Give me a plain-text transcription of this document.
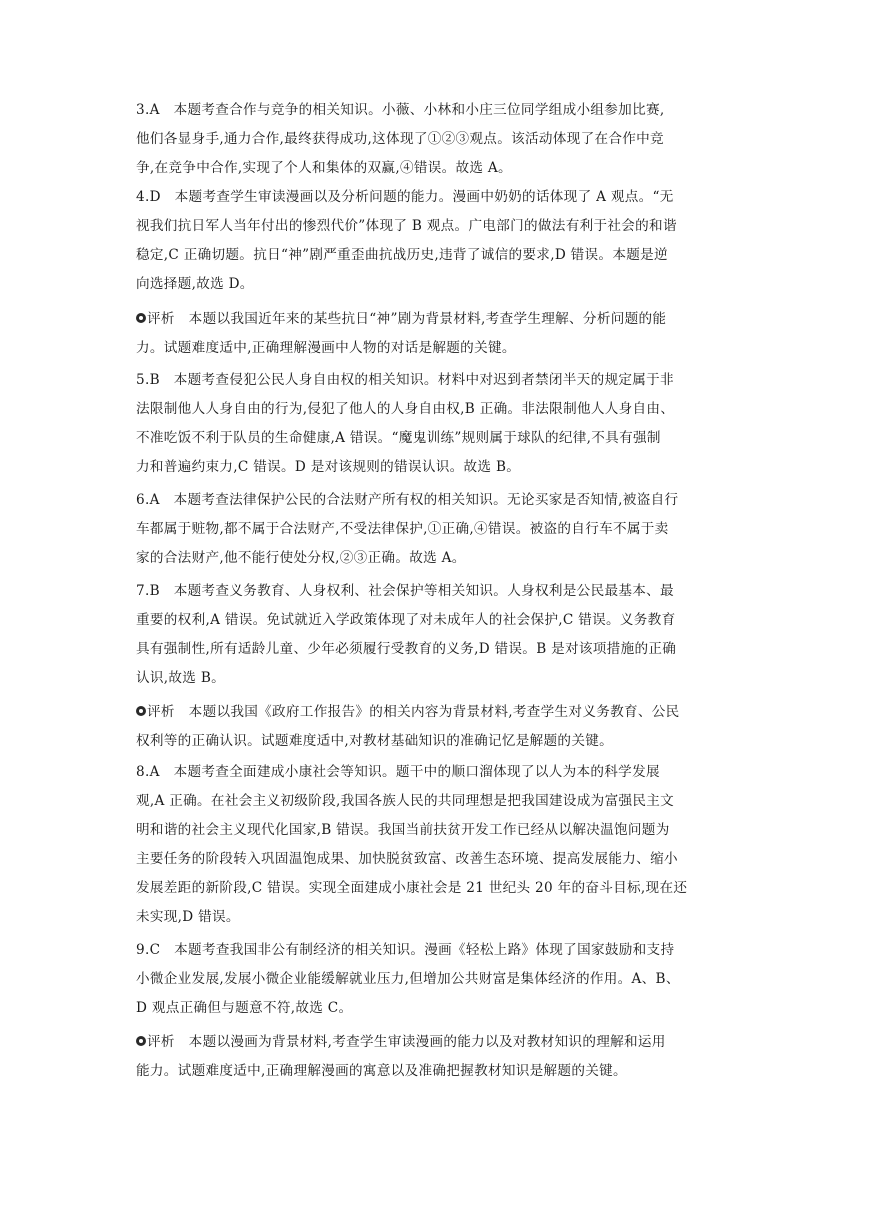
3.A　本题考查合作与竞争的相关知识。小薇、小林和小庄三位同学组成小组参加比赛,
他们各显身手,通力合作,最终获得成功,这体现了①②③观点。该活动体现了在合作中竞
争,在竞争中合作,实现了个人和集体的双赢,④错误。故选 A。
4.D　本题考查学生审读漫画以及分析问题的能力。漫画中奶奶的话体现了 A 观点。“无
视我们抗日军人当年付出的惨烈代价”体现了 B 观点。广电部门的做法有利于社会的和谐
稳定,C 正确切题。抗日“神”剧严重歪曲抗战历史,违背了诚信的要求,D 错误。本题是逆
向选择题,故选 D。
评析　本题以我国近年来的某些抗日“神”剧为背景材料,考查学生理解、分析问题的能
力。试题难度适中,正确理解漫画中人物的对话是解题的关键。
5.B　本题考查侵犯公民人身自由权的相关知识。材料中对迟到者禁闭半天的规定属于非
法限制他人人身自由的行为,侵犯了他人的人身自由权,B 正确。非法限制他人人身自由、
不准吃饭不利于队员的生命健康,A 错误。“魔鬼训练”规则属于球队的纪律,不具有强制
力和普遍约束力,C 错误。D 是对该规则的错误认识。故选 B。
6.A　本题考查法律保护公民的合法财产所有权的相关知识。无论买家是否知情,被盗自行
车都属于赃物,都不属于合法财产,不受法律保护,①正确,④错误。被盗的自行车不属于卖
家的合法财产,他不能行使处分权,②③正确。故选 A。
7.B　本题考查义务教育、人身权利、社会保护等相关知识。人身权利是公民最基本、最
重要的权利,A 错误。免试就近入学政策体现了对未成年人的社会保护,C 错误。义务教育
具有强制性,所有适龄儿童、少年必须履行受教育的义务,D 错误。B 是对该项措施的正确
认识,故选 B。
评析　本题以我国《政府工作报告》的相关内容为背景材料,考查学生对义务教育、公民
权利等的正确认识。试题难度适中,对教材基础知识的准确记忆是解题的关键。
8.A　本题考查全面建成小康社会等知识。题干中的顺口溜体现了以人为本的科学发展
观,A 正确。在社会主义初级阶段,我国各族人民的共同理想是把我国建设成为富强民主文
明和谐的社会主义现代化国家,B 错误。我国当前扶贫开发工作已经从以解决温饱问题为
主要任务的阶段转入巩固温饱成果、加快脱贫致富、改善生态环境、提高发展能力、缩小
发展差距的新阶段,C 错误。实现全面建成小康社会是 21 世纪头 20 年的奋斗目标,现在还
未实现,D 错误。
9.C　本题考查我国非公有制经济的相关知识。漫画《轻松上路》体现了国家鼓励和支持
小微企业发展,发展小微企业能缓解就业压力,但增加公共财富是集体经济的作用。A、B、
D 观点正确但与题意不符,故选 C。
评析　本题以漫画为背景材料,考查学生审读漫画的能力以及对教材知识的理解和运用
能力。试题难度适中,正确理解漫画的寓意以及准确把握教材知识是解题的关键。
